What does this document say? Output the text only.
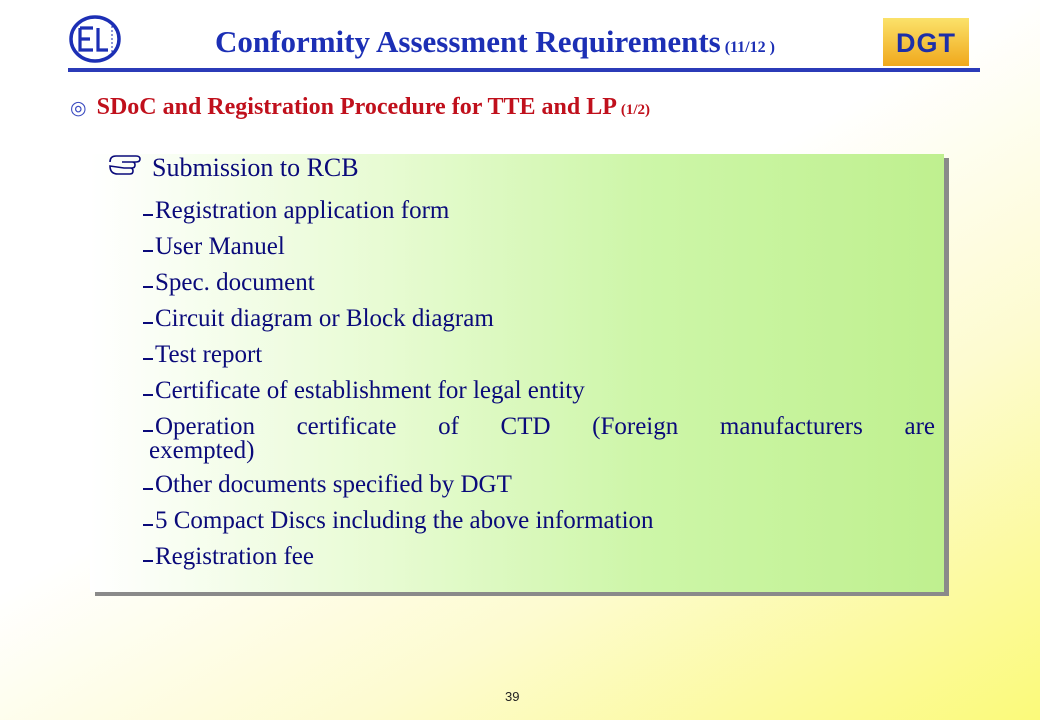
Conformity Assessment Requirements (11/12 )	DGT
◎ SDoC and Registration Procedure for TTE and LP (1/2)
Submission to RCB
Registration application form
User Manuel
Spec. document
Circuit diagram or Block diagram
Test report
Certificate of establishment for legal entity
Operation certificate of CTD (Foreign manufacturers are
exempted)
Other documents specified by DGT
5 Compact Discs including the above information
Registration fee
39
